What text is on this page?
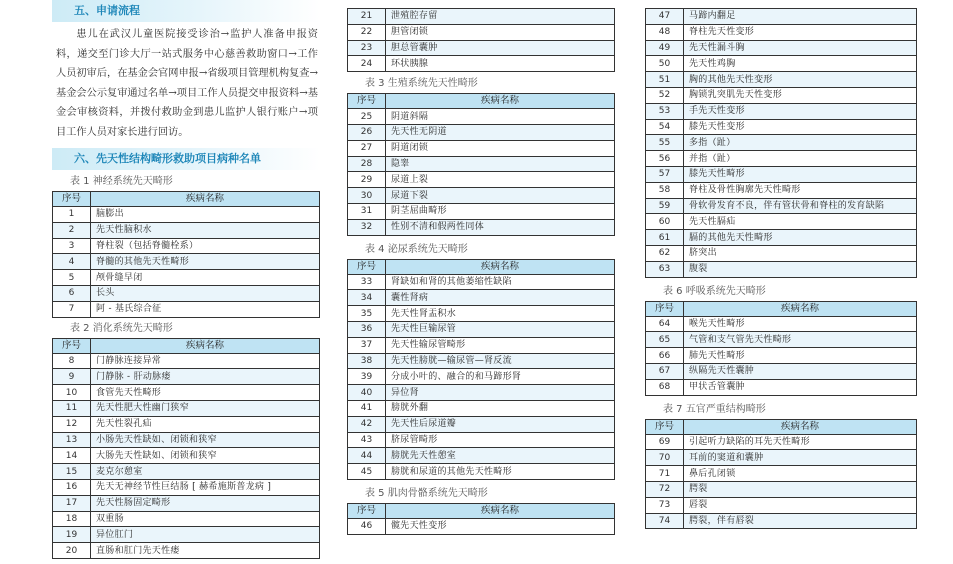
五、申请流程

患儿在武汉儿童医院接受诊治→监护人准备申报资料，递交至门诊大厅一站式服务中心慈善救助窗口→工作人员初审后，在基金会官网申报→省级项目管理机构复查→基金会公示复审通过名单→项目工作人员提交申报资料→基金会审核资料，并拨付救助金到患儿监护人银行账户→项目工作人员对家长进行回访。

六、先天性结构畸形救助项目病种名单
表 1 神经系统先天畸形
序号	疾病名称
1	脑膨出
2	先天性脑积水
3	脊柱裂（包括脊髓栓系）
4	脊髓的其他先天性畸形
5	颅骨缝早闭
6	长头
7	阿 - 基氏综合征
表 2 消化系统先天畸形
序号	疾病名称
8	门静脉连接异常
9	门静脉 - 肝动脉瘘
10	食管先天性畸形
11	先天性肥大性幽门狭窄
12	先天性裂孔疝
13	小肠先天性缺如、闭锁和狭窄
14	大肠先天性缺如、闭锁和狭窄
15	麦克尔憩室
16	先天无神经节性巨结肠 [ 赫希施斯普龙病 ]
17	先天性肠固定畸形
18	双重肠
19	异位肛门
20	直肠和肛门先天性瘘
21	泄殖腔存留
22	胆管闭锁
23	胆总管囊肿
24	环状胰腺
表 3 生殖系统先天性畸形
序号	疾病名称
25	阴道斜隔
26	先天性无阴道
27	阴道闭锁
28	隐睾
29	尿道上裂
30	尿道下裂
31	阴茎屈曲畸形
32	性别不清和假两性同体
表 4 泌尿系统先天畸形
序号	疾病名称
33	肾缺如和肾的其他萎缩性缺陷
34	囊性肾病
35	先天性肾盂积水
36	先天性巨输尿管
37	先天性输尿管畸形
38	先天性膀胱—输尿管—肾反流
39	分成小叶的、融合的和马蹄形肾
40	异位肾
41	膀胱外翻
42	先天性后尿道瓣
43	脐尿管畸形
44	膀胱先天性憩室
45	膀胱和尿道的其他先天性畸形
表 5 肌肉骨骼系统先天畸形
序号	疾病名称
46	髋先天性变形
47	马蹄内翻足
48	脊柱先天性变形
49	先天性漏斗胸
50	先天性鸡胸
51	胸的其他先天性变形
52	胸锁乳突肌先天性变形
53	手先天性变形
54	膝先天性变形
55	多指（趾）
56	并指（趾）
57	膝先天性畸形
58	脊柱及骨性胸廓先天性畸形
59	骨软骨发育不良，伴有管状骨和脊柱的发育缺陷
60	先天性膈疝
61	膈的其他先天性畸形
62	脐突出
63	腹裂
表 6 呼吸系统先天畸形
序号	疾病名称
64	喉先天性畸形
65	气管和支气管先天性畸形
66	肺先天性畸形
67	纵隔先天性囊肿
68	甲状舌管囊肿
表 7 五官严重结构畸形
序号	疾病名称
69	引起听力缺陷的耳先天性畸形
70	耳前的窦道和囊肿
71	鼻后孔闭锁
72	腭裂
73	唇裂
74	腭裂，伴有唇裂
